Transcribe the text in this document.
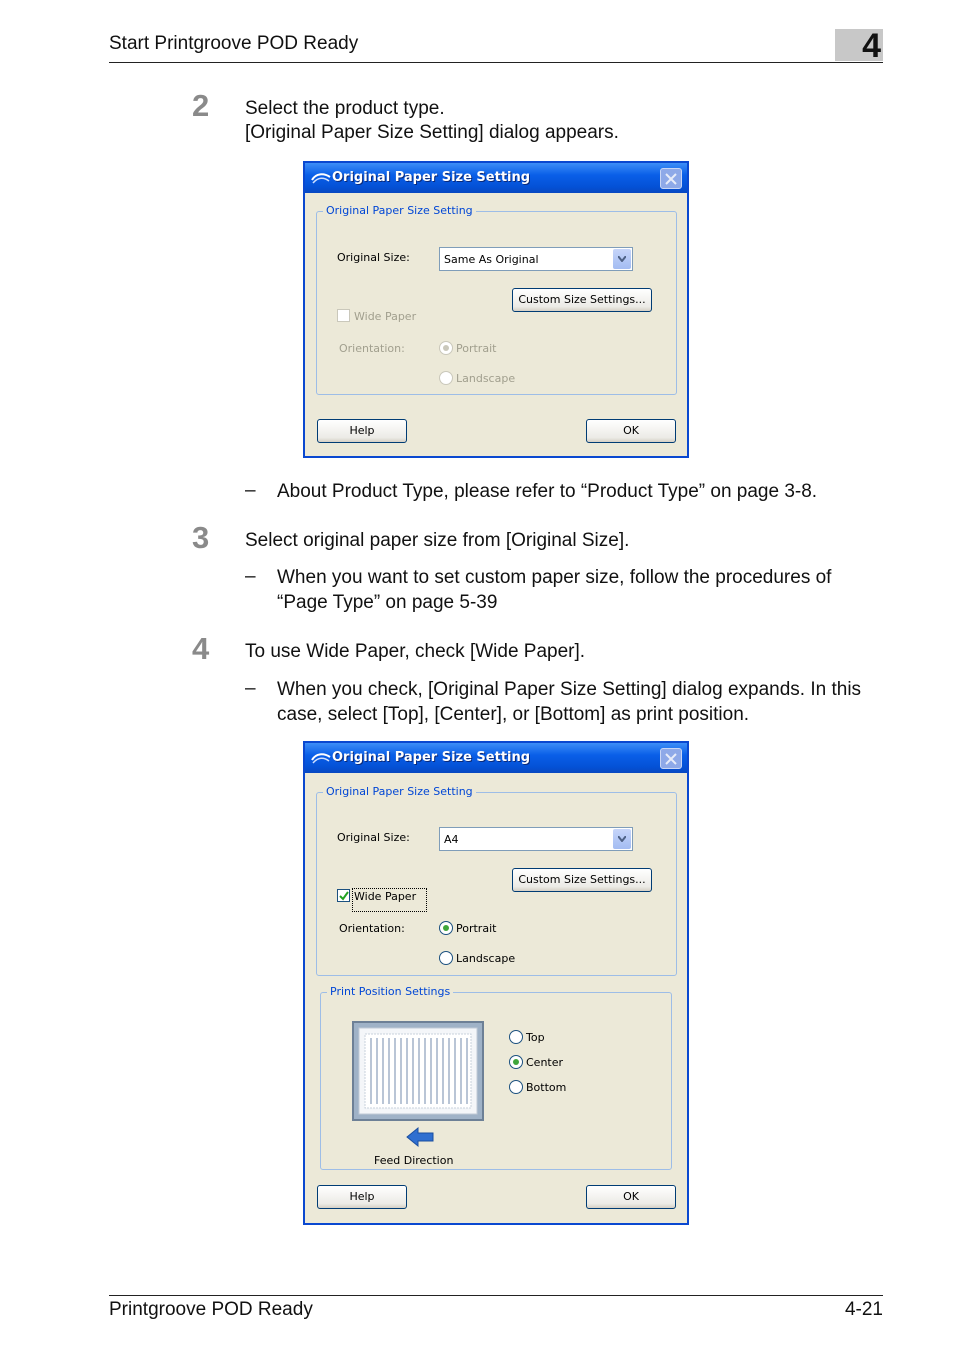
Start Printgroove POD Ready	4
2 Select the product type.
[Original Paper Size Setting] dialog appears.
Original Paper Size Setting
Original Paper Size Setting
Original Size:	Same As Original
Custom Size Settings...
Wide Paper
Orientation:	Portrait
Landscape
Help	OK
– About Product Type, please refer to “Product Type” on page 3-8.
3 Select original paper size from [Original Size].
– When you want to set custom paper size, follow the procedures of “Page Type” on page 5-39
4 To use Wide Paper, check [Wide Paper].
– When you check, [Original Paper Size Setting] dialog expands. In this case, select [Top], [Center], or [Bottom] as print position.
Original Paper Size Setting
Original Paper Size Setting
Original Size:	A4
Custom Size Settings...
Wide Paper
Orientation:	Portrait
Landscape
Print Position Settings
Feed Direction
Top
Center
Bottom
Help	OK
Printgroove POD Ready	4-21
